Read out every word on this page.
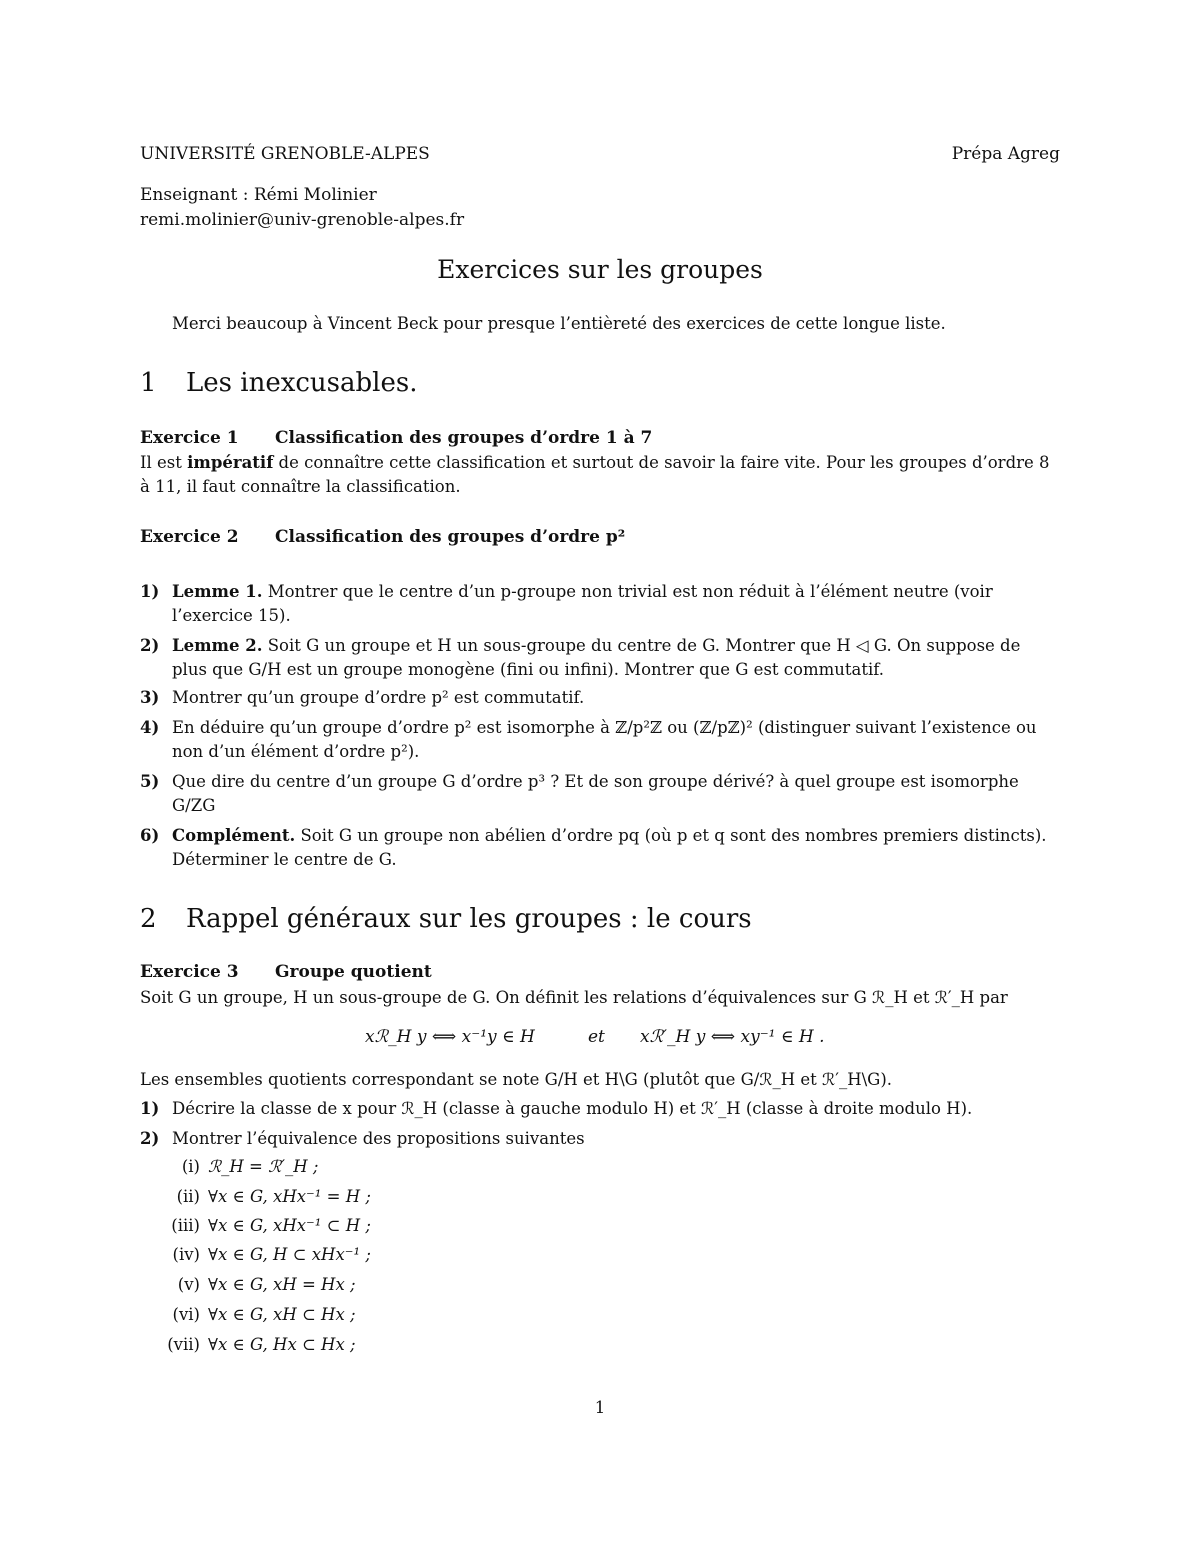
UNIVERSITÉ GRENOBLE-ALPES	Prépa Agreg
Enseignant : Rémi Molinier
remi.molinier@univ-grenoble-alpes.fr
Exercices sur les groupes
Merci beaucoup à Vincent Beck pour presque l’entièreté des exercices de cette longue liste.
1 Les inexcusables.
Exercice 1 Classification des groupes d’ordre 1 à 7
Il est impératif de connaître cette classification et surtout de savoir la faire vite. Pour les groupes d’ordre 8 à 11, il faut connaître la classification.
Exercice 2 Classification des groupes d’ordre p²
1) Lemme 1. Montrer que le centre d’un p-groupe non trivial est non réduit à l’élément neutre (voir l’exercice 15).
2) Lemme 2. Soit G un groupe et H un sous-groupe du centre de G. Montrer que H ◁ G. On suppose de plus que G/H est un groupe monogène (fini ou infini). Montrer que G est commutatif.
3) Montrer qu’un groupe d’ordre p² est commutatif.
4) En déduire qu’un groupe d’ordre p² est isomorphe à ℤ/p²ℤ ou (ℤ/pℤ)² (distinguer suivant l’existence ou non d’un élément d’ordre p²).
5) Que dire du centre d’un groupe G d’ordre p³ ? Et de son groupe dérivé? à quel groupe est isomorphe G/ZG
6) Complément. Soit G un groupe non abélien d’ordre pq (où p et q sont des nombres premiers distincts). Déterminer le centre de G.
2 Rappel généraux sur les groupes : le cours
Exercice 3 Groupe quotient
Soit G un groupe, H un sous-groupe de G. On définit les relations d’équivalences sur G ℛ_H et ℛ′_H par
xℛ_H y ⟺ x⁻¹y ∈ H	et xℛ′_H y ⟺ xy⁻¹ ∈ H .
Les ensembles quotients correspondant se note G/H et H\G (plutôt que G/ℛ_H et ℛ′_H\G).
1) Décrire la classe de x pour ℛ_H (classe à gauche modulo H) et ℛ′_H (classe à droite modulo H).
2) Montrer l’équivalence des propositions suivantes
(i) ℛ_H = ℛ′_H ;
(ii) ∀x ∈ G, xHx⁻¹ = H ;
(iii) ∀x ∈ G, xHx⁻¹ ⊂ H ;
(iv) ∀x ∈ G, H ⊂ xHx⁻¹ ;
(v) ∀x ∈ G, xH = Hx ;
(vi) ∀x ∈ G, xH ⊂ Hx ;
(vii) ∀x ∈ G, Hx ⊂ Hx ;
1
